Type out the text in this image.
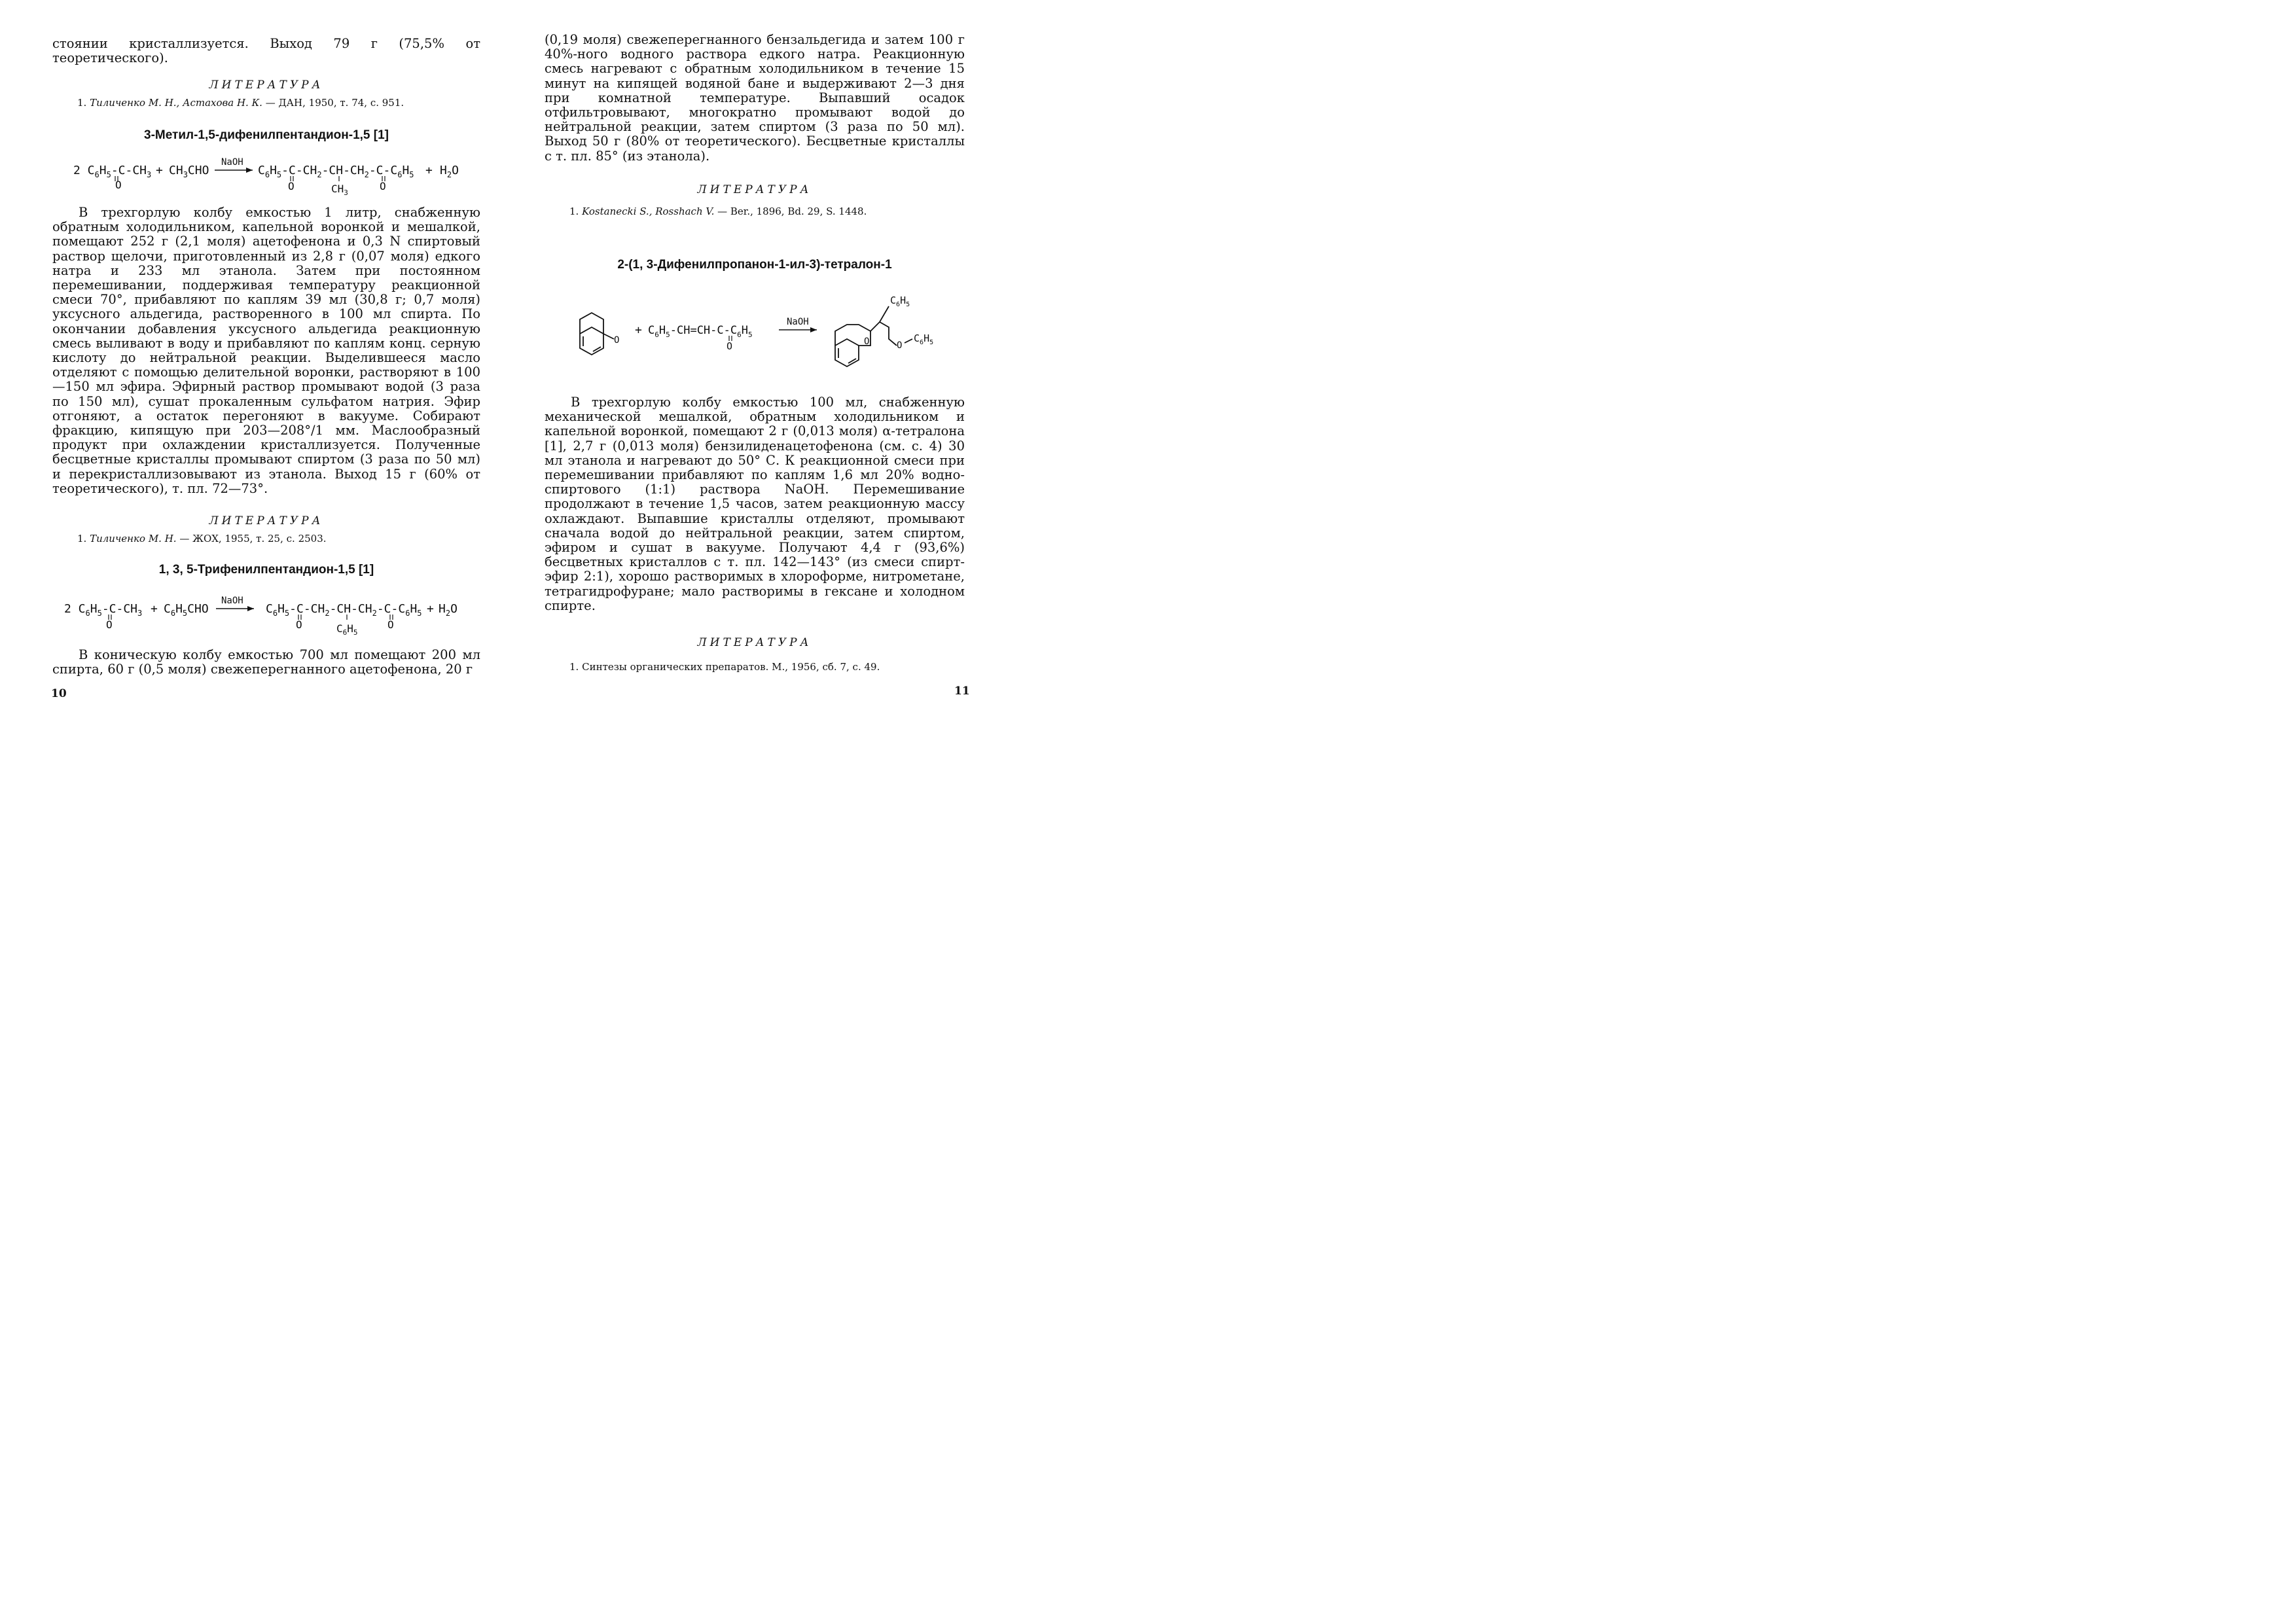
стоянии кристаллизуется. Выход 79 г (75,5% от теоретического).

ЛИТЕРАТУРА

1. Тиличенко М. Н., Астахова Н. К. — ДАН, 1950, т. 74, с. 951.

3-Метил-1,5-дифенилпентандион-1,5 [1]

2 $C_6H_5-C-CH_3$
O
+ $CH_3CHO$
NaOH
$C_6H_5-C-CH_2-CH-CH_2-C-C_6H_5$
O	$CH_3$
O
+ $H_2O$

В трехгорлую колбу емкостью 1 литр, снабженную обратным холодильником, капельной воронкой и мешалкой, помещают 252 г (2,1 моля) ацетофенона и 0,3 N спиртовый раствор щелочи, приготовленный из 2,8 г (0,07 моля) едкого натра и 233 мл этанола. Затем при постоянном перемешивании, поддерживая температуру реакционной смеси 70°, прибавляют по каплям 39 мл (30,8 г; 0,7 моля) уксусного альдегида, растворенного в 100 мл спирта. По окончании добавления уксусного альдегида реакционную смесь выливают в воду и прибавляют по каплям конц. серную кислоту до нейтральной реакции. Выделившееся масло отделяют с помощью делительной воронки, растворяют в 100—150 мл эфира. Эфирный раствор промывают водой (3 раза по 150 мл), сушат прокаленным сульфатом натрия. Эфир отгоняют, а остаток перегоняют в вакууме. Собирают фракцию, кипящую при 203—208°/1 мм. Маслообразный продукт при охлаждении кристаллизуется. Полученные бесцветные кристаллы промывают спиртом (3 раза по 50 мл) и перекристаллизовывают из этанола. Выход 15 г (60% от теоретического), т. пл. 72—73°.

ЛИТЕРАТУРА

1. Тиличенко М. Н. — ЖОХ, 1955, т. 25, с. 2503.

1, 3, 5-Трифенилпентандион-1,5 [1]

2 $C_6H_5-C-CH_3$
O
+ $C_6H_5CHO$
NaOH
$C_6H_5-C-CH_2-CH-CH_2-C-C_6H_5$
O	$C_6H_5$
O
+ $H_2O$

В коническую колбу емкостью 700 мл помещают 200 мл спирта, 60 г (0,5 моля) свежеперегнанного ацетофенона, 20 г

10

(0,19 моля) свежеперегнанного бензальдегида и затем 100 г 40%-ного водного раствора едкого натра. Реакционную смесь нагревают с обратным холодильником в течение 15 минут на кипящей водяной бане и выдерживают 2—3 дня при комнатной температуре. Выпавший осадок отфильтровывают, многократно промывают водой до нейтральной реакции, затем спиртом (3 раза по 50 мл). Выход 50 г (80% от теоретического). Бесцветные кристаллы с т. пл. 85° (из этанола).

ЛИТЕРАТУРА

1. Kostanecki S., Rosshach V. — Ber., 1896, Bd. 29, S. 1448.

2-(1, 3-Дифенилпропанон-1-ил-3)-тетралон-1

O
+ $C_6H_5-CH=CH-C-C_6H_5$
O
NaOH
O
$C_6H_5$
O
$C_6H_5$

В трехгорлую колбу емкостью 100 мл, снабженную механической мешалкой, обратным холодильником и капельной воронкой, помещают 2 г (0,013 моля) α-тетралона [1], 2,7 г (0,013 моля) бензилиденацетофенона (см. с. 4) 30 мл этанола и нагревают до 50° С. К реакционной смеси при перемешивании прибавляют по каплям 1,6 мл 20% водно-спиртового (1:1) раствора NaOH. Перемешивание продолжают в течение 1,5 часов, затем реакционную массу охлаждают. Выпавшие кристаллы отделяют, промывают сначала водой до нейтральной реакции, затем спиртом, эфиром и сушат в вакууме. Получают 4,4 г (93,6%) бесцветных кристаллов с т. пл. 142—143° (из смеси спирт-эфир 2:1), хорошо растворимых в хлороформе, нитрометане, тетрагидрофуране; мало растворимы в гексане и холодном спирте.

ЛИТЕРАТУРА

1. Синтезы органических препаратов. М., 1956, сб. 7, с. 49.

11
